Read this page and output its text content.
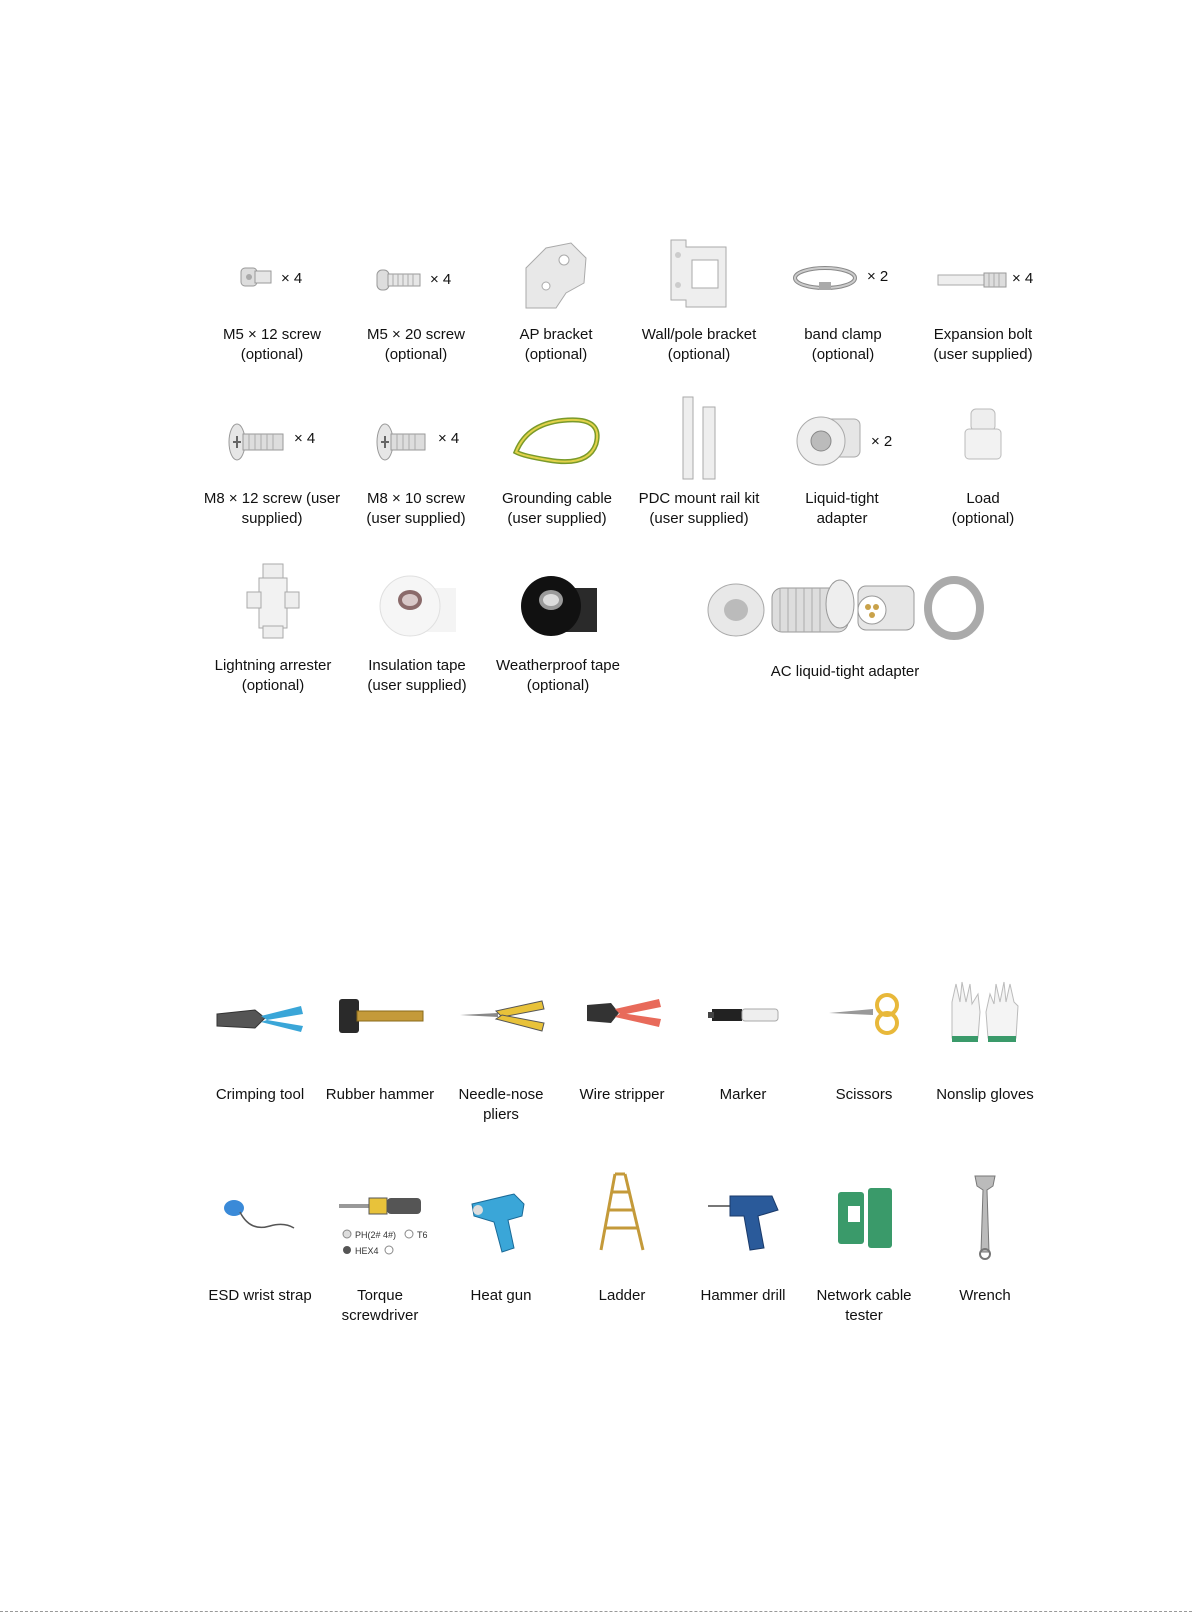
× 4
M5 × 12 screw
(optional)
× 4
M5 × 20 screw
(optional)
AP bracket
(optional)
Wall/pole bracket
(optional)
× 2
band clamp
(optional)
× 4
Expansion bolt
(user supplied)
× 4
M8 × 12 screw (user
supplied)
× 4
M8 × 10 screw
(user supplied)
Grounding cable
(user supplied)
PDC mount rail kit
(user supplied)
× 2
Liquid-tight
adapter
Load
(optional)
Lightning arrester
(optional)
Insulation tape
(user supplied)
Weatherproof tape
(optional)
AC liquid-tight adapter
Crimping tool	Rubber hammer	Needle-nose
pliers
Wire stripper	Marker	Scissors	Nonslip gloves
ESD wrist strap
PH(2# 4#) T6
HEX4
Torque
screwdriver
Heat gun	Ladder	Hammer drill	Network cable
tester
Wrench
